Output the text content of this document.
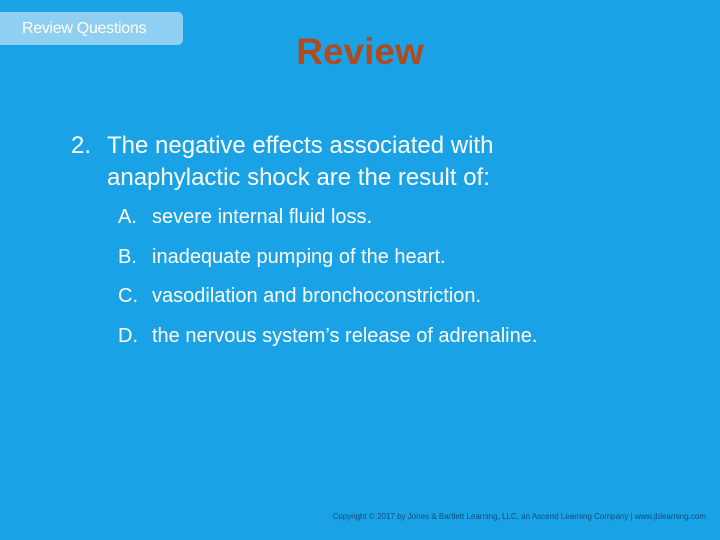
Review Questions
Review
2. The negative effects associated with anaphylactic shock are the result of:
A. severe internal fluid loss.
B. inadequate pumping of the heart.
C. vasodilation and bronchoconstriction.
D. the nervous system’s release of adrenaline.
Copyright © 2017 by Jones & Bartlett Learning, LLC, an Ascend Learning Company | www.jblearning.com
